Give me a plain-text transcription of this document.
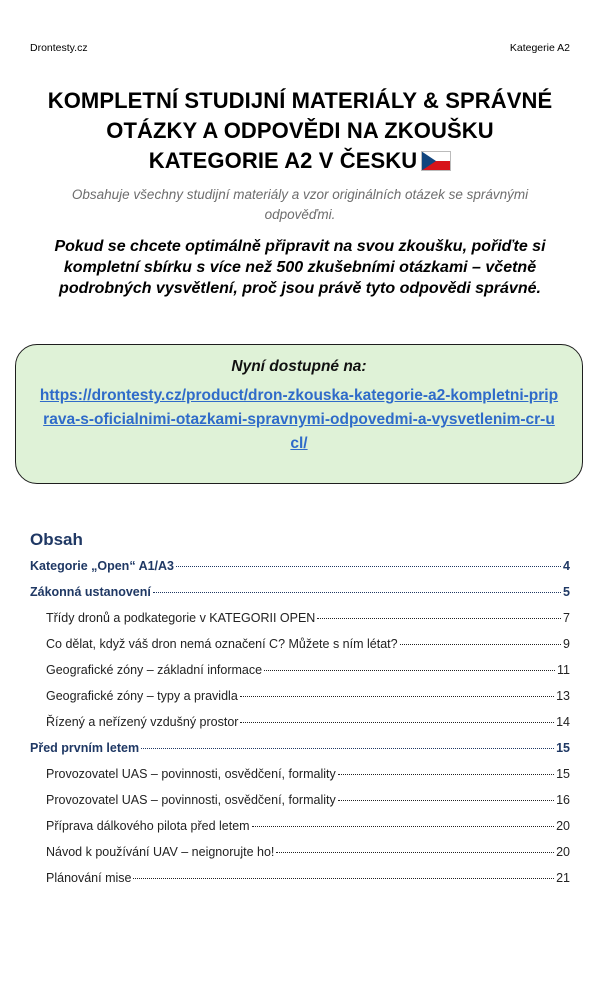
Drontesty.cz	Kategerie A2
KOMPLETNÍ STUDIJNÍ MATERIÁLY & SPRÁVNÉ OTÁZKY A ODPOVĚDI NA ZKOUŠKU KATEGORIE A2 V ČESKU

Obsahuje všechny studijní materiály a vzor originálních otázek se správnými odpověďmi.

Pokud se chcete optimálně připravit na svou zkoušku, pořiďte si kompletní sbírku s více než 500 zkušebními otázkami – včetně podrobných vysvětlení, proč jsou právě tyto odpovědi správné.

Nyní dostupné na:
https://drontesty.cz/product/dron-zkouska-kategorie-a2-kompletni-priprava-s-oficialnimi-otazkami-spravnymi-odpovedmi-a-vysvetlenim-cr-ucl/
Obsah
Kategorie „Open“ A1/A3	4
Zákonná ustanovení	5
Třídy dronů a podkategorie v KATEGORII OPEN	7
Co dělat, když váš dron nemá označení C? Můžete s ním létat?	9
Geografické zóny – základní informace	11
Geografické zóny – typy a pravidla	13
Řízený a neřízený vzdušný prostor	14
Před prvním letem	15
Provozovatel UAS – povinnosti, osvědčení, formality	15
Provozovatel UAS – povinnosti, osvědčení, formality	16
Příprava dálkového pilota před letem	20
Návod k používání UAV – neignorujte ho!	20
Plánování mise	21
